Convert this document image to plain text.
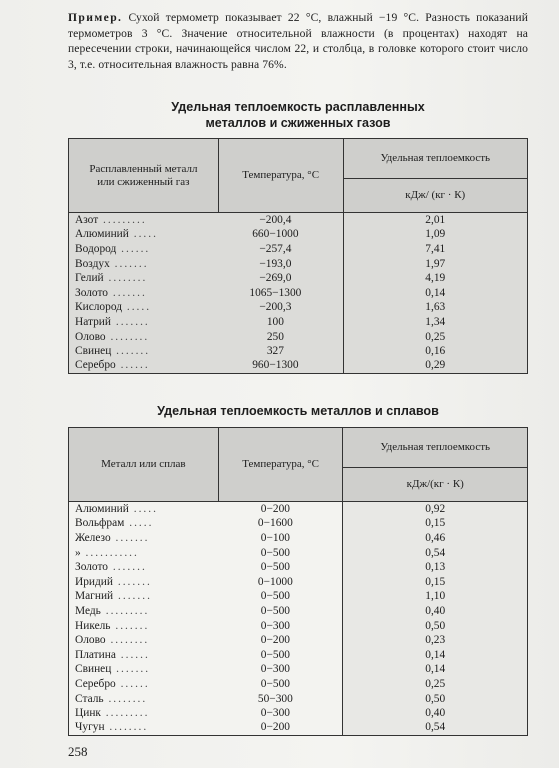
Пример. Сухой термометр показывает 22 °С, влажный −19 °С. Разность показаний термометров 3 °С. Значение относительной влажности (в процентах) находят на пересечении строки, начинающейся числом 22, и столбца, в головке которого стоит число 3, т.е. относительная влажность равна 76%.
Удельная теплоемкость расплавленных
металлов и сжиженных газов
Расплавленный металл или сжиженный газ	Температура, °С	Удельная теплоемкость
		кДж/ (кг · К)
Азот .........	−200,4	2,01
Алюминий .....	660−1000	1,09
Водород ......	−257,4	7,41
Воздух .......	−193,0	1,97
Гелий ........	−269,0	4,19
Золото .......	1065−1300	0,14
Кислород .....	−200,3	1,63
Натрий .......	100	1,34
Олово ........	250	0,25
Свинец .......	327	0,16
Серебро ......	960−1300	0,29
Удельная теплоемкость металлов и сплавов
Металл или сплав	Температура, °С	Удельная теплоемкость
		кДж/(кг · К)
Алюминий .....	0−200	0,92
Вольфрам .....	0−1600	0,15
Железо .......	0−100	0,46
» ...........	0−500	0,54
Золото .......	0−500	0,13
Иридий .......	0−1000	0,15
Магний .......	0−500	1,10
Медь .........	0−500	0,40
Никель .......	0−300	0,50
Олово ........	0−200	0,23
Платина ......	0−500	0,14
Свинец .......	0−300	0,14
Серебро ......	0−500	0,25
Сталь ........	50−300	0,50
Цинк .........	0−300	0,40
Чугун ........	0−200	0,54
258
